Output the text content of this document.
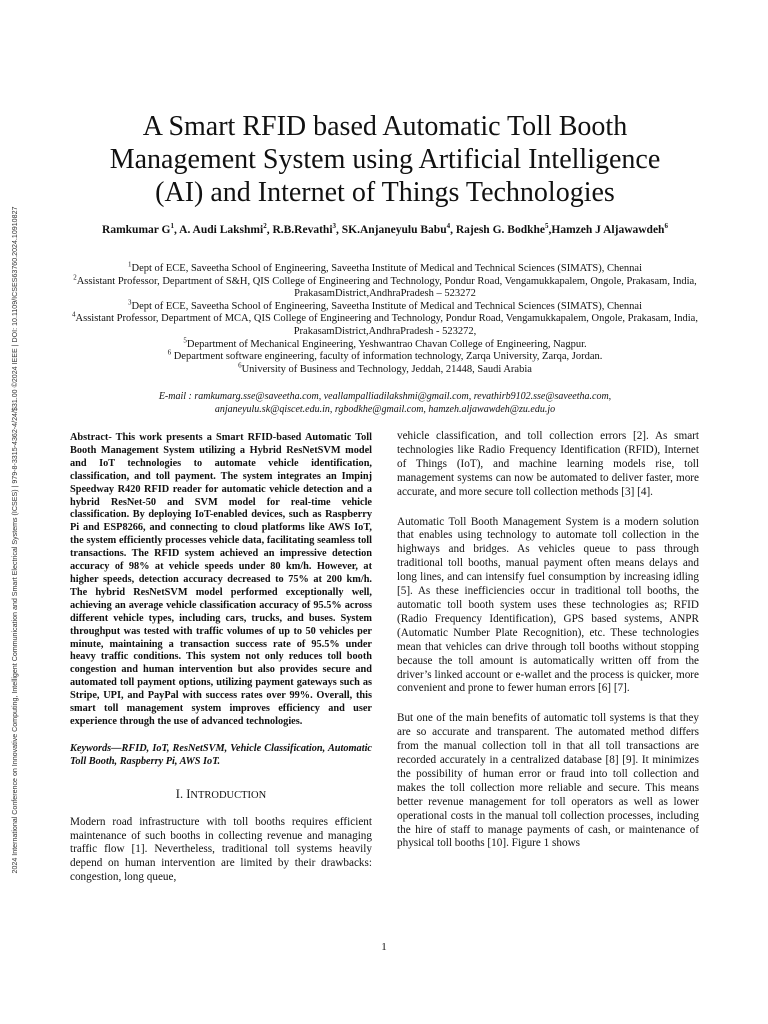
2024 International Conference on Innovative Computing, Intelligent Communication and Smart Electrical Systems (ICSES) | 979-8-3315-4362-4/24/$31.00 ©2024 IEEE | DOI: 10.1109/ICSES63760.2024.10910827
A Smart RFID based Automatic Toll Booth
Management System using Artificial Intelligence
(AI) and Internet of Things Technologies
Ramkumar $G^1$, A. Audi Lakshmi$^2$, R.B.Revathi$^3$, SK.Anjaneyulu Babu$^4$, Rajesh G. Bodkhe$^5$,Hamzeh J Aljawawdeh$^6$
$^1$Dept of ECE, Saveetha School of Engineering, Saveetha Institute of Medical and Technical Sciences (SIMATS), Chennai
$^2$Assistant Professor, Department of S&H, QIS College of Engineering and Technology, Pondur Road, Vengamukkapalem, Ongole, Prakasam, India, PrakasamDistrict,AndhraPradesh – 523272
$^3$Dept of ECE, Saveetha School of Engineering, Saveetha Institute of Medical and Technical Sciences (SIMATS), Chennai
$^4$Assistant Professor, Department of MCA, QIS College of Engineering and Technology, Pondur Road, Vengamukkapalem, Ongole, Prakasam, India, PrakasamDistrict,AndhraPradesh - 523272,
$^5$Department of Mechanical Engineering, Yeshwantrao Chavan College of Engineering, Nagpur.
$^6$ Department software engineering, faculty of information technology, Zarqa University, Zarqa, Jordan.
$^6$University of Business and Technology, Jeddah, 21448, Saudi Arabia
E-mail : ramkumarg.sse@saveetha.com, veallampalliadilakshmi@gmail.com, revathirb9102.sse@saveetha.com,
anjaneyulu.sk@qiscet.edu.in, rgbodkhe@gmail.com, hamzeh.aljawawdeh@zu.edu.jo

Abstract- This work presents a Smart RFID-based Automatic Toll Booth Management System utilizing a Hybrid ResNetSVM model and IoT technologies to automate vehicle identification, classification, and toll payment. The system integrates an Impinj Speedway R420 RFID reader for automatic vehicle detection and a hybrid ResNet-50 and SVM model for real-time vehicle classification. By deploying IoT-enabled devices, such as Raspberry Pi and ESP8266, and connecting to cloud platforms like AWS IoT, the system efficiently processes vehicle data, facilitating seamless toll transactions. The RFID system achieved an impressive detection accuracy of 98% at vehicle speeds under 80 km/h. However, at higher speeds, detection accuracy decreased to 75% at 200 km/h. The hybrid ResNetSVM model performed exceptionally well, achieving an average vehicle classification accuracy of 95.5% across different vehicle types, including cars, trucks, and buses. System throughput was tested with traffic volumes of up to 50 vehicles per minute, maintaining a transaction success rate of 95.5% under heavy traffic conditions. This system not only reduces toll booth congestion and human intervention but also provides secure and automated toll payment options, utilizing payment gateways such as Stripe, UPI, and PayPal with success rates over 99%. Overall, this smart toll management system improves efficiency and user experience through the use of advanced technologies.

Keywords—RFID, IoT, ResNetSVM, Vehicle Classification, Automatic Toll Booth, Raspberry Pi, AWS IoT.

I. INTRODUCTION

Modern road infrastructure with toll booths requires efficient maintenance of such booths in collecting revenue and managing traffic flow [1]. Nevertheless, traditional toll systems heavily depend on human intervention are limited by their drawbacks: congestion, long queue,

vehicle classification, and toll collection errors [2]. As smart technologies like Radio Frequency Identification (RFID), Internet of Things (IoT), and machine learning models rise, toll management systems can now be automated to deliver faster, more accurate, and more secure toll collection methods [3] [4].

Automatic Toll Booth Management System is a modern solution that enables using technology to automate toll collection in the highways and bridges. As vehicles queue to pass through traditional toll booths, manual payment often means delays and long lines, and can intensify fuel consumption by increasing idling [5]. As these inefficiencies occur in traditional toll booths, the automatic toll booth system uses these technologies as; RFID (Radio Frequency Identification), GPS based systems, ANPR (Automatic Number Plate Recognition), etc. These technologies mean that vehicles can drive through toll booths without stopping because the toll amount is automatically written off from the driver’s linked account or e-wallet and the process is quicker, more convenient and prone to fewer human errors [6] [7].

But one of the main benefits of automatic toll systems is that they are so accurate and transparent. The automated method differs from the manual collection toll in that all toll transactions are recorded accurately in a centralized database [8] [9]. It minimizes the possibility of human error or fraud into toll collection and makes the toll collection more reliable and secure. This means better revenue management for toll operators as well as lower operational costs in the manual toll collection processes, including the hire of staff to manage payments of cash, or maintenance of physical toll booths [10]. Figure 1 shows

1
